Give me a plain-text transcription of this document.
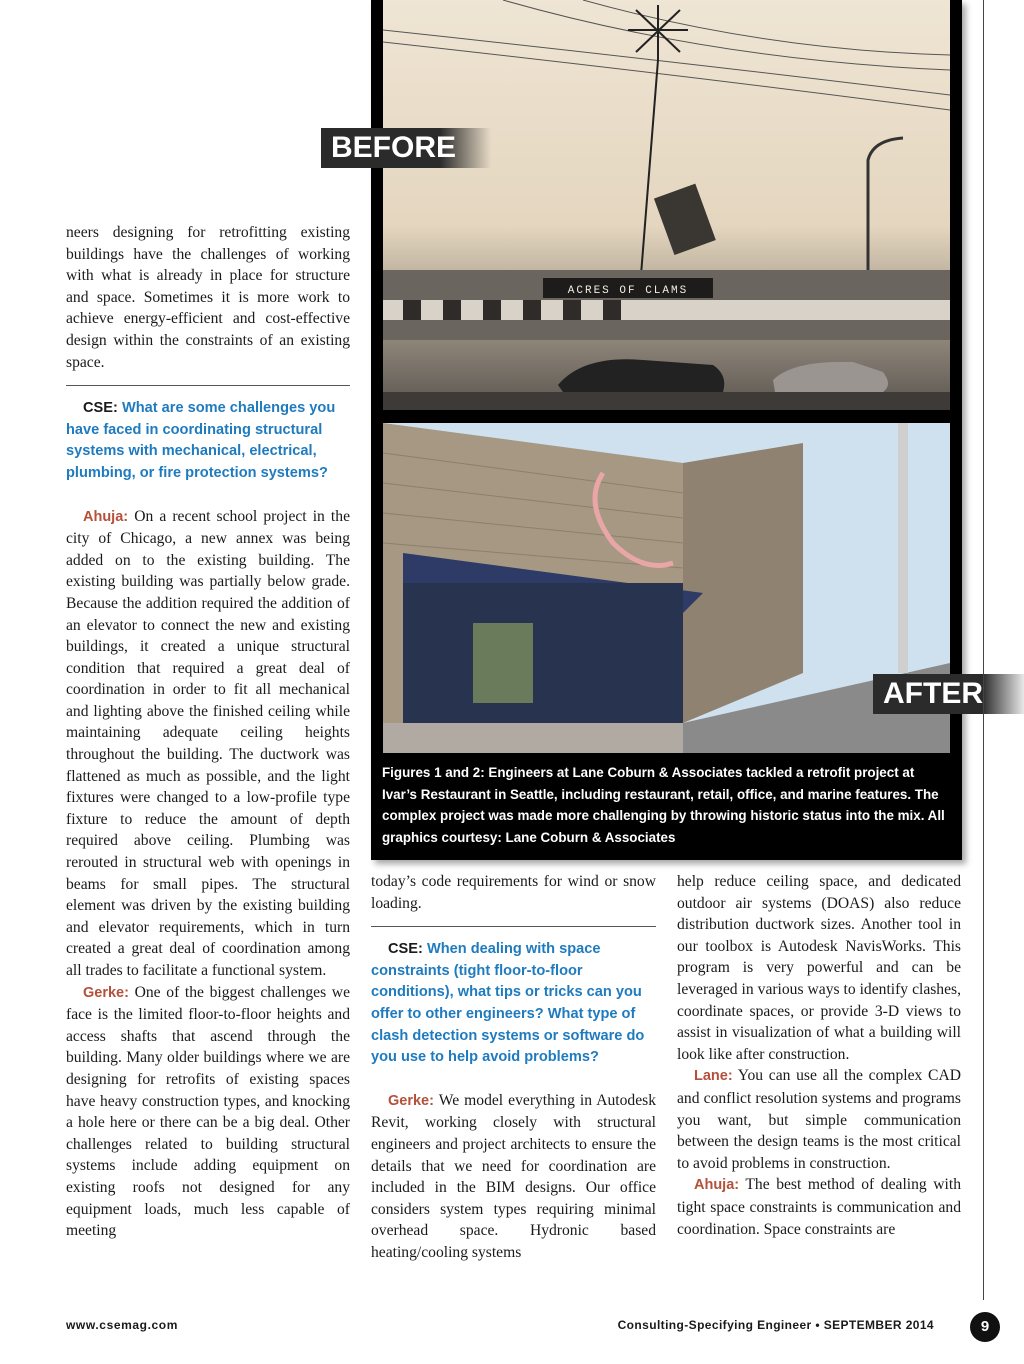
neers designing for retrofitting existing buildings have the challenges of working with what is already in place for structure and space. Sometimes it is more work to achieve energy-efficient and cost-effective design within the constraints of an existing space.

CSE: What are some challenges you have faced in coordinating structural systems with mechanical, electrical, plumbing, or fire protection systems?

Ahuja: On a recent school project in the city of Chicago, a new annex was being added on to the existing building. The existing building was partially below grade. Because the addition required the addition of an elevator to connect the new and existing buildings, it created a unique structural condition that required a great deal of coordination in order to fit all mechanical and lighting above the finished ceiling while maintaining adequate ceiling heights throughout the building. The ductwork was flattened as much as possible, and the light fixtures were changed to a low-profile type fixture to reduce the amount of depth required above ceiling. Plumbing was rerouted in structural web with openings in beams for small pipes. The structural element was driven by the existing building and elevator requirements, which in turn created a great deal of coordination among all trades to facilitate a functional system.

Gerke: One of the biggest challenges we face is the limited floor-to-floor heights and access shafts that ascend through the building. Many older buildings where we are designing for retrofits of existing spaces have heavy construction types, and knocking a hole here or there can be a big deal. Other challenges related to building structural systems include adding equipment on existing roofs not designed for any equipment loads, much less capable of meeting

ACRES OF CLAMS
Figures 1 and 2: Engineers at Lane Coburn & Associates tackled a retrofit project at Ivar’s Restaurant in Seattle, including restaurant, retail, office, and marine features. The complex project was made more challenging by throwing historic status into the mix. All graphics courtesy: Lane Coburn & Associates
BEFORE
AFTER

today’s code requirements for wind or snow loading.

CSE: When dealing with space constraints (tight floor-to-floor conditions), what tips or tricks can you offer to other engineers? What type of clash detection systems or software do you use to help avoid problems?

Gerke: We model everything in Autodesk Revit, working closely with structural engineers and project architects to ensure the details that we need for coordination are included in the BIM designs. Our office considers system types requiring minimal overhead space. Hydronic based heating/cooling systems

help reduce ceiling space, and dedicated outdoor air systems (DOAS) also reduce distribution ductwork sizes. Another tool in our toolbox is Autodesk NavisWorks. This program is very powerful and can be leveraged in various ways to identify clashes, coordinate spaces, or provide 3-D views to assist in visualization of what a building will look like after construction.

Lane: You can use all the complex CAD and conflict resolution systems and programs you want, but simple communication between the design teams is the most critical to avoid problems in construction.

Ahuja: The best method of dealing with tight space constraints is communication and coordination. Space constraints are

www.csemag.com	Consulting-Specifying Engineer • SEPTEMBER 2014	9
